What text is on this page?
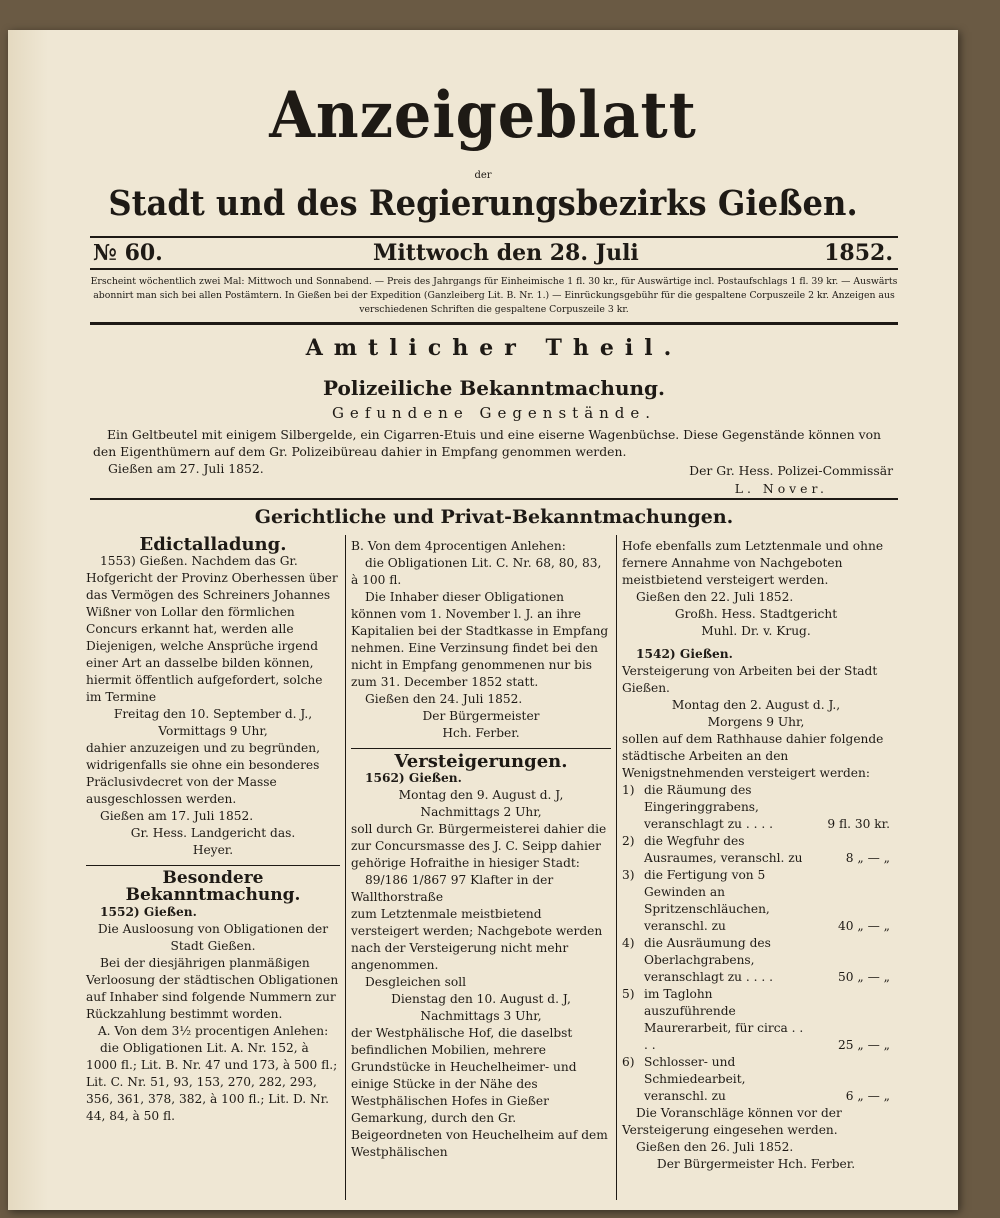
Anzeigeblatt
der
Stadt und des Regierungsbezirks Gießen.
№ 60.	Mittwoch den 28. Juli	1852.
Erscheint wöchentlich zwei Mal: Mittwoch und Sonnabend. — Preis des Jahrgangs für Einheimische 1 fl. 30 kr., für Auswärtige incl. Postaufschlags 1 fl. 39 kr. — Auswärts abonnirt man sich bei allen Postämtern. In Gießen bei der Expedition (Ganzleiberg Lit. B. Nr. 1.) — Einrückungsgebühr für die gespaltene Corpuszeile 2 kr. Anzeigen aus verschiedenen Schriften die gespaltene Corpuszeile 3 kr.
Amtlicher Theil.
Polizeiliche Bekanntmachung.
Gefundene Gegenstände.
Ein Geltbeutel mit einigem Silbergelde, ein Cigarren-Etuis und eine eiserne Wagenbüchse. Diese Gegenstände können von den Eigenthümern auf dem Gr. Polizeibüreau dahier in Empfang genommen werden.
Gießen am 27. Juli 1852.	Der Gr. Hess. Polizei-Commissär
L. Nover.
Gerichtliche und Privat-Bekanntmachungen.

Edictalladung.

1553) Gießen. Nachdem das Gr. Hofgericht der Provinz Oberhessen über das Vermögen des Schreiners Johannes Wißner von Lollar den förmlichen Concurs erkannt hat, werden alle Diejenigen, welche Ansprüche irgend einer Art an dasselbe bilden können, hiermit öffentlich aufgefordert, solche im Termine

Freitag den 10. September d. J.,

Vormittags 9 Uhr,

dahier anzuzeigen und zu begründen, widrigenfalls sie ohne ein besonderes Präclusivdecret von der Masse ausgeschlossen werden.

Gießen am 17. Juli 1852.

Gr. Hess. Landgericht das.

Heyer.

Besondere Bekanntmachung.

1552) Gießen.

Die Ausloosung von Obligationen der Stadt Gießen.

Bei der diesjährigen planmäßigen Verloosung der städtischen Obligationen auf Inhaber sind folgende Nummern zur Rückzahlung bestimmt worden.

A. Von dem 3½ procentigen Anlehen:

die Obligationen Lit. A. Nr. 152, à 1000 fl.; Lit. B. Nr. 47 und 173, à 500 fl.; Lit. C. Nr. 51, 93, 153, 270, 282, 293, 356, 361, 378, 382, à 100 fl.; Lit. D. Nr. 44, 84, à 50 fl.

B. Von dem 4procentigen Anlehen:

die Obligationen Lit. C. Nr. 68, 80, 83, à 100 fl.

Die Inhaber dieser Obligationen können vom 1. November l. J. an ihre Kapitalien bei der Stadtkasse in Empfang nehmen. Eine Verzinsung findet bei den nicht in Empfang genommenen nur bis zum 31. December 1852 statt.

Gießen den 24. Juli 1852.

Der Bürgermeister

Hch. Ferber.

Versteigerungen.

1562) Gießen.

Montag den 9. August d. J,

Nachmittags 2 Uhr,

soll durch Gr. Bürgermeisterei dahier die zur Concursmasse des J. C. Seipp dahier gehörige Hofraithe in hiesiger Stadt:

89/186 1/867 97 Klafter in der Wallthorstraße

zum Letztenmale meistbietend versteigert werden; Nachgebote werden nach der Versteigerung nicht mehr angenommen.

Desgleichen soll

Dienstag den 10. August d. J,

Nachmittags 3 Uhr,

der Westphälische Hof, die daselbst befindlichen Mobilien, mehrere Grundstücke in Heuchelheimer- und einige Stücke in der Nähe des Westphälischen Hofes in Gießer Gemarkung, durch den Gr. Beigeordneten von Heuchelheim auf dem Westphälischen

Hofe ebenfalls zum Letztenmale und ohne fernere Annahme von Nachgeboten meistbietend versteigert werden.

Gießen den 22. Juli 1852.

Großh. Hess. Stadtgericht

Muhl. Dr. v. Krug.

1542) Gießen.

Versteigerung von Arbeiten bei der Stadt Gießen.

Montag den 2. August d. J.,

Morgens 9 Uhr,

sollen auf dem Rathhause dahier folgende städtische Arbeiten an den Wenigstnehmenden versteigert werden:

1) die Räumung des Eingeringgrabens, veranschlagt zu . . . .	9 fl. 30 kr.
2) die Wegfuhr des Ausraumes, veranschl. zu	8 „ — „
3) die Fertigung von 5 Gewinden an Spritzenschläuchen, veranschl. zu	40 „ — „
4) die Ausräumung des Oberlachgrabens, veranschlagt zu . . . .	50 „ — „
5) im Taglohn auszuführende Maurerarbeit, für circa . . . .	25 „ — „
6) Schlosser- und Schmiedearbeit, veranschl. zu	6 „ — „

Die Voranschläge können vor der Versteigerung eingesehen werden.

Gießen den 26. Juli 1852.

Der Bürgermeister Hch. Ferber.
